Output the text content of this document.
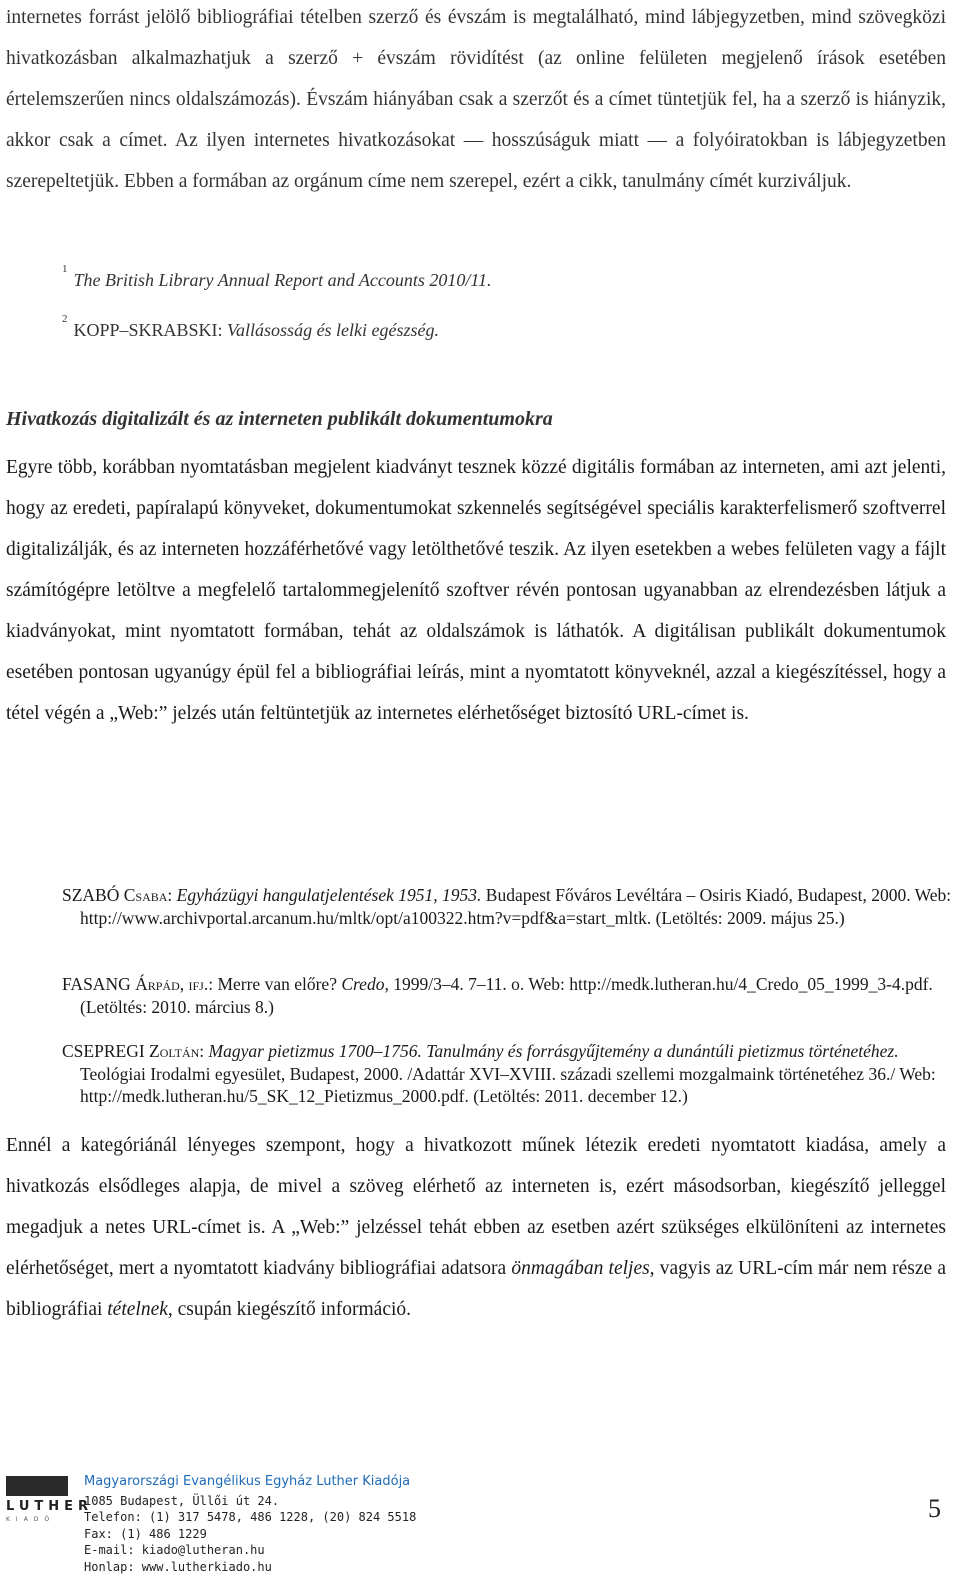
internetes forrást jelölő bibliográfiai tételben szerző és évszám is megtalálható, mind lábjegyzetben, mind szövegközi hivatkozásban alkalmazhatjuk a szerző + évszám rövidítést (az online felületen megjelenő írások esetében értelemszerűen nincs oldalszámozás). Évszám hiányában csak a szerzőt és a címet tüntetjük fel, ha a szerző is hiányzik, akkor csak a címet. Az ilyen internetes hivatkozásokat — hosszúságuk miatt — a folyóiratokban is lábjegyzetben szerepeltetjük. Ebben a formában az orgánum címe nem szerepel, ezért a cikk, tanulmány címét kurziváljuk.

$^1$The British Library Annual Report and Accounts 2010/11.

$^2$KOPP–SKRABSKI: Vallásosság és lelki egészség.

Hivatkozás digitalizált és az interneten publikált dokumentumokra

Egyre több, korábban nyomtatásban megjelent kiadványt tesznek közzé digitális formában az interneten, ami azt jelenti, hogy az eredeti, papíralapú könyveket, dokumentumokat szkennelés segítségével speciális karakterfelismerő szoftverrel digitalizálják, és az interneten hozzáférhetővé vagy letölthetővé teszik. Az ilyen esetekben a webes felületen vagy a fájlt számítógépre letöltve a megfelelő tartalommegjelenítő szoftver révén pontosan ugyanabban az elrendezésben látjuk a kiadványokat, mint nyomtatott formában, tehát az oldalszámok is láthatók. A digitálisan publikált dokumentumok esetében pontosan ugyanúgy épül fel a bibliográfiai leírás, mint a nyomtatott könyveknél, azzal a kiegészítéssel, hogy a tétel végén a „Web:” jelzés után feltüntetjük az internetes elérhetőséget biztosító URL-címet is.

SZABÓ Csaba: Egyházügyi hangulatjelentések 1951, 1953. Budapest Főváros Levéltára – Osiris Kiadó, Budapest, 2000. Web: http://www.archivportal.arcanum.hu/mltk/opt/a100322.htm?v=pdf&a=start_mltk. (Letöltés: 2009. május 25.)

FASANG Árpád, ifj.: Merre van előre? Credo, 1999/3–4. 7–11. o. Web: http://medk.lutheran.hu/4_Credo_05_1999_3-4.pdf. (Letöltés: 2010. március 8.)

CSEPREGI Zoltán: Magyar pietizmus 1700–1756. Tanulmány és forrásgyűjtemény a dunántúli pietizmus történetéhez. Teológiai Irodalmi egyesület, Budapest, 2000. /Adattár XVI–XVIII. századi szellemi mozgalmaink történetéhez 36./ Web: http://medk.lutheran.hu/5_SK_12_Pietizmus_2000.pdf. (Letöltés: 2011. december 12.)

Ennél a kategóriánál lényeges szempont, hogy a hivatkozott műnek létezik eredeti nyomtatott kiadása, amely a hivatkozás elsődleges alapja, de mivel a szöveg elérhető az interneten is, ezért másodsorban, kiegészítő jelleggel megadjuk a netes URL-címet is. A „Web:” jelzéssel tehát ebben az esetben azért szükséges elkülöníteni az internetes elérhetőséget, mert a nyomtatott kiadvány bibliográfiai adatsora önmagában teljes, vagyis az URL-cím már nem része a bibliográfiai tételnek, csupán kiegészítő információ.

LUTHER
KIADÓ
Magyarországi Evangélikus Egyház Luther Kiadója
1085 Budapest, Üllői út 24.
Telefon: (1) 317 5478, 486 1228, (20) 824 5518
Fax: (1) 486 1229
E-mail: kiado@lutheran.hu
Honlap: www.lutherkiado.hu
5
